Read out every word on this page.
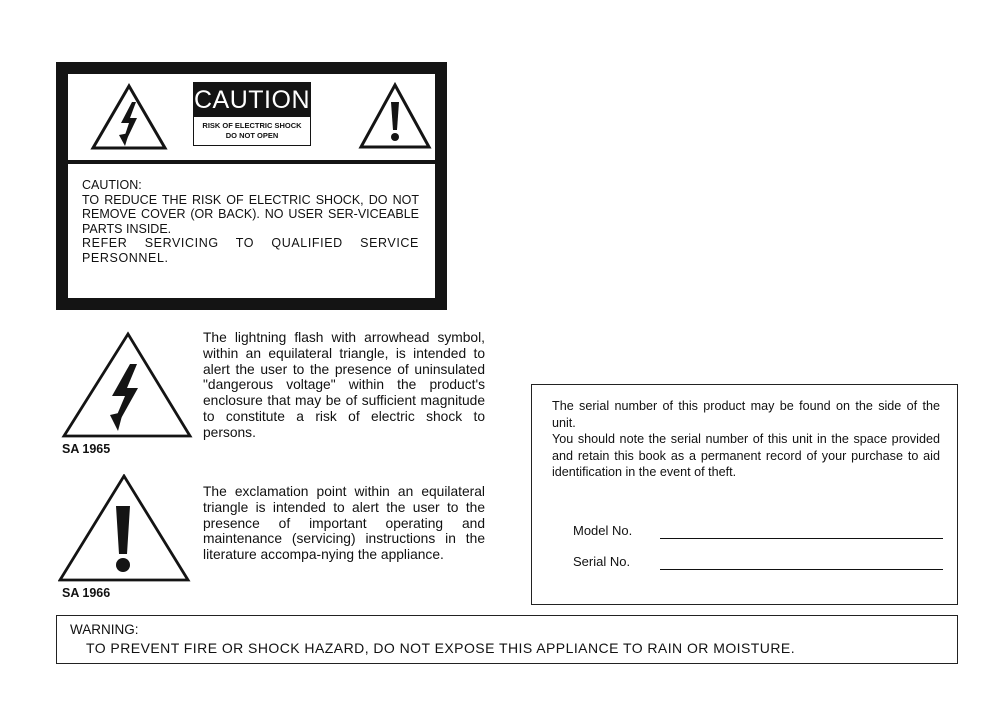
CAUTION
RISK OF ELECTRIC SHOCK
DO NOT OPEN

CAUTION:

TO REDUCE THE RISK OF ELECTRIC SHOCK, DO NOT REMOVE COVER (OR BACK). NO USER SER-VICEABLE PARTS INSIDE.

REFER SERVICING TO QUALIFIED SERVICE PERSONNEL.

SA 1965

The lightning flash with arrowhead symbol, within an equilateral triangle, is intended to alert the user to the presence of uninsulated "dangerous voltage" within the product's enclosure that may be of sufficient magnitude to constitute a risk of electric shock to persons.

SA 1966

The exclamation point within an equilateral triangle is intended to alert the user to the presence of important operating and maintenance (servicing) instructions in the literature accompa-nying the appliance.

The serial number of this product may be found on the side of the unit.

You should note the serial number of this unit in the space provided and retain this book as a permanent record of your purchase to aid identification in the event of theft.

Model No.
Serial No.

WARNING:

TO PREVENT FIRE OR SHOCK HAZARD, DO NOT EXPOSE THIS APPLIANCE TO RAIN OR MOISTURE.
